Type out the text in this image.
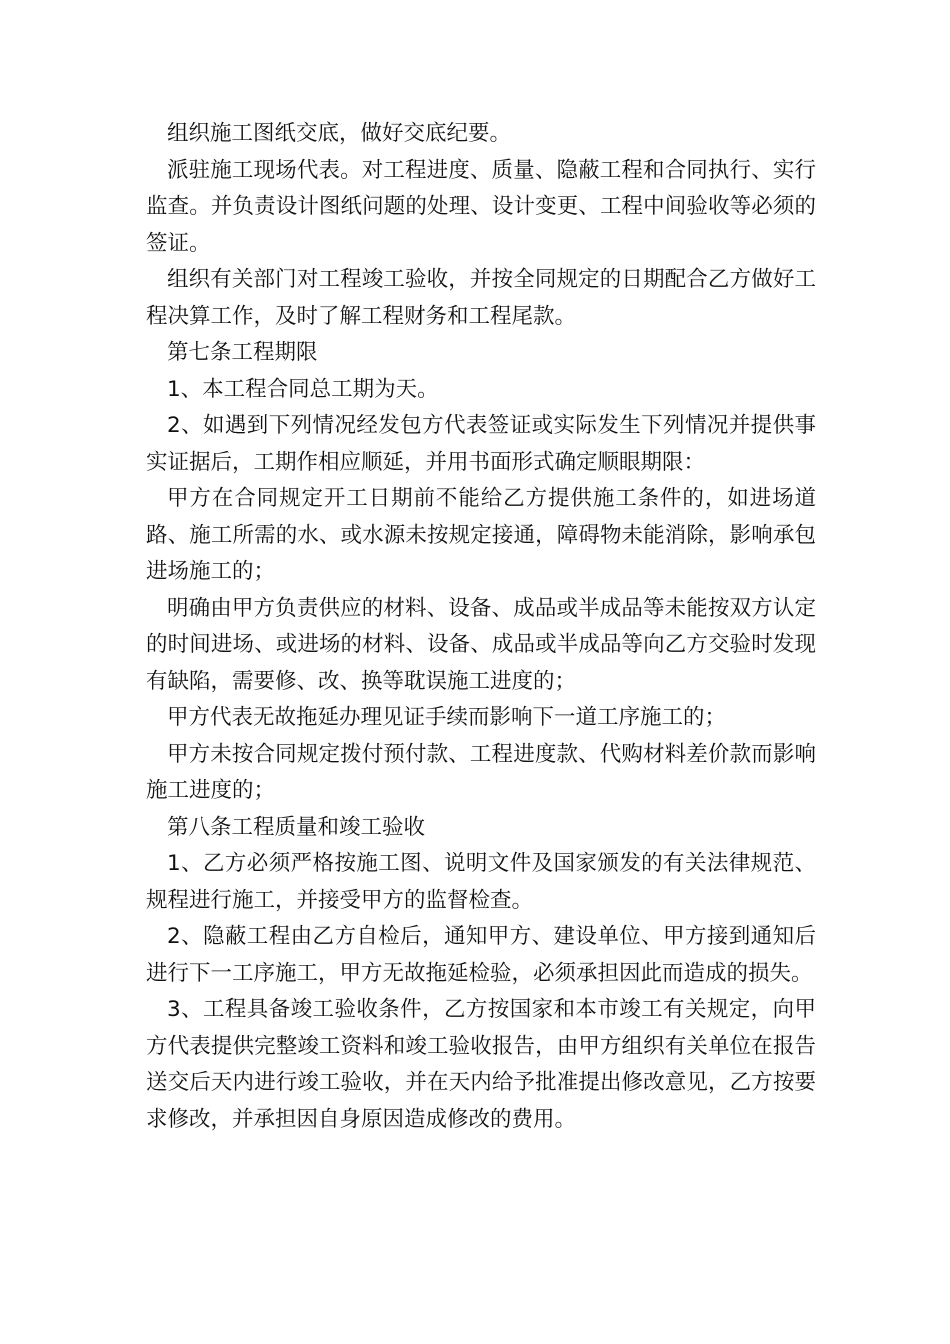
组织施工图纸交底，做好交底纪要。

派驻施工现场代表。对工程进度、质量、隐蔽工程和合同执行、实行监查。并负责设计图纸问题的处理、设计变更、工程中间验收等必须的签证。

组织有关部门对工程竣工验收，并按全同规定的日期配合乙方做好工程决算工作，及时了解工程财务和工程尾款。

第七条工程期限

1、本工程合同总工期为天。

2、如遇到下列情况经发包方代表签证或实际发生下列情况并提供事实证据后，工期作相应顺延，并用书面形式确定顺眼期限：

甲方在合同规定开工日期前不能给乙方提供施工条件的，如进场道路、施工所需的水、或水源未按规定接通，障碍物未能消除，影响承包进场施工的；

明确由甲方负责供应的材料、设备、成品或半成品等未能按双方认定的时间进场、或进场的材料、设备、成品或半成品等向乙方交验时发现有缺陷，需要修、改、换等耽误施工进度的；

甲方代表无故拖延办理见证手续而影响下一道工序施工的；

甲方未按合同规定拨付预付款、工程进度款、代购材料差价款而影响施工进度的；

第八条工程质量和竣工验收

1、乙方必须严格按施工图、说明文件及国家颁发的有关法律规范、规程进行施工，并接受甲方的监督检查。

2、隐蔽工程由乙方自检后，通知甲方、建设单位、甲方接到通知后进行下一工序施工，甲方无故拖延检验，必须承担因此而造成的损失。

3、工程具备竣工验收条件，乙方按国家和本市竣工有关规定，向甲方代表提供完整竣工资料和竣工验收报告，由甲方组织有关单位在报告送交后天内进行竣工验收，并在天内给予批准提出修改意见，乙方按要求修改，并承担因自身原因造成修改的费用。
